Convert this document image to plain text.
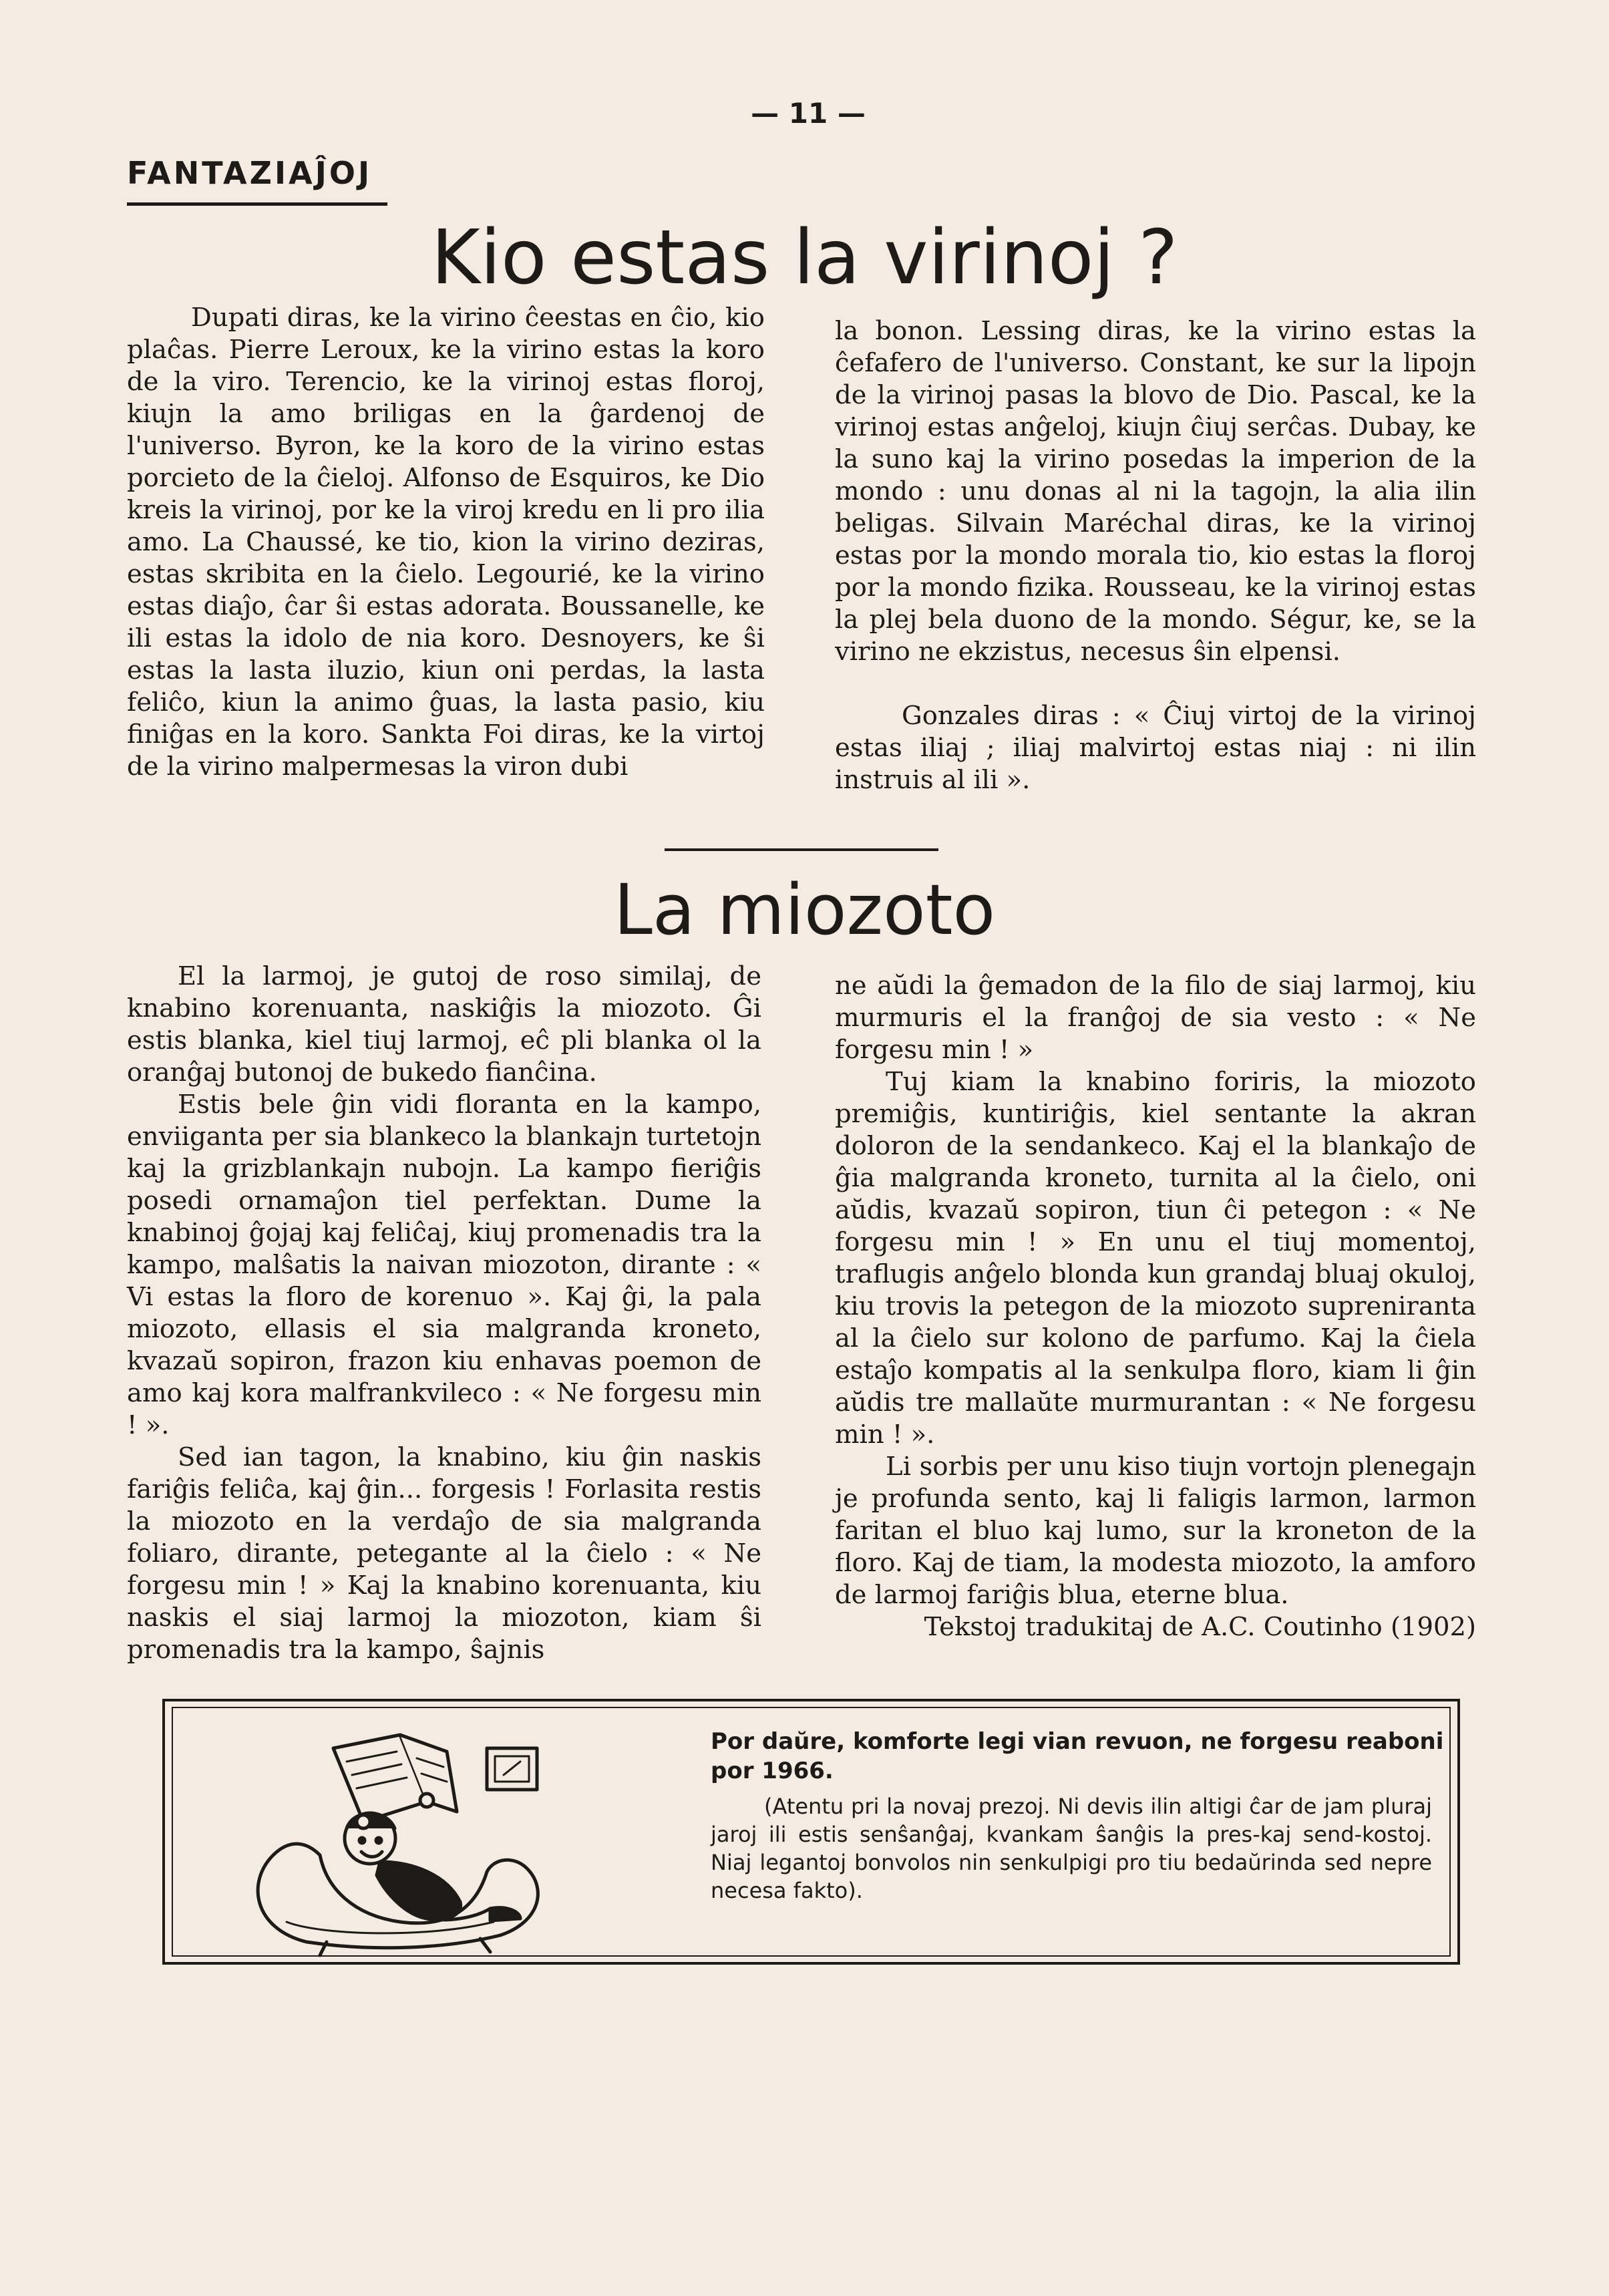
— 11 —
FANTAZIAĴOJ
Kio estas la virinoj ?

Dupati diras, ke la virino ĉeestas en ĉio, kio plaĉas. Pierre Leroux, ke la virino estas la koro de la viro. Terencio, ke la virinoj estas floroj, kiujn la amo briligas en la ĝardenoj de l'universo. Byron, ke la koro de la virino estas porcieto de la ĉieloj. Alfonso de Esquiros, ke Dio kreis la virinoj, por ke la viroj kredu en li pro ilia amo. La Chaussé, ke tio, kion la virino deziras, estas skribita en la ĉielo. Legourié, ke la virino estas diaĵo, ĉar ŝi estas adorata. Boussanelle, ke ili estas la idolo de nia koro. Desnoyers, ke ŝi estas la lasta iluzio, kiun oni perdas, la lasta feliĉo, kiun la animo ĝuas, la lasta pasio, kiu finiĝas en la koro. Sankta Foi diras, ke la virtoj de la virino malpermesas la viron dubi

la bonon. Lessing diras, ke la virino estas la ĉefafero de l'universo. Constant, ke sur la lipojn de la virinoj pasas la blovo de Dio. Pascal, ke la virinoj estas anĝeloj, kiujn ĉiuj serĉas. Dubay, ke la suno kaj la virino posedas la imperion de la mondo : unu donas al ni la tagojn, la alia ilin beligas. Silvain Maréchal diras, ke la virinoj estas por la mondo morala tio, kio estas la floroj por la mondo fizika. Rousseau, ke la virinoj estas la plej bela duono de la mondo. Ségur, ke, se la virino ne ekzistus, necesus ŝin elpensi.

Gonzales diras : « Ĉiuj virtoj de la virinoj estas iliaj ; iliaj malvirtoj estas niaj : ni ilin instruis al ili ».

La miozoto

El la larmoj, je gutoj de roso similaj, de knabino korenuanta, naskiĝis la miozoto. Ĝi estis blanka, kiel tiuj larmoj, eĉ pli blanka ol la oranĝaj butonoj de bukedo fianĉina.

Estis bele ĝin vidi floranta en la kampo, enviiganta per sia blankeco la blankajn turtetojn kaj la grizblankajn nubojn. La kampo fieriĝis posedi ornamaĵon tiel perfektan. Dume la knabinoj ĝojaj kaj feliĉaj, kiuj promenadis tra la kampo, malŝatis la naivan miozoton, dirante : « Vi estas la floro de korenuo ». Kaj ĝi, la pala miozoto, ellasis el sia malgranda kroneto, kvazaŭ sopiron, frazon kiu enhavas poemon de amo kaj kora malfrankvileco : « Ne forgesu min ! ».

Sed ian tagon, la knabino, kiu ĝin naskis fariĝis feliĉa, kaj ĝin... forgesis ! Forlasita restis la miozoto en la verdaĵo de sia malgranda foliaro, dirante, petegante al la ĉielo : « Ne forgesu min ! » Kaj la knabino korenuanta, kiu naskis el siaj larmoj la miozoton, kiam ŝi promenadis tra la kampo, ŝajnis

ne aŭdi la ĝemadon de la filo de siaj larmoj, kiu murmuris el la franĝoj de sia vesto : « Ne forgesu min ! »

Tuj kiam la knabino foriris, la miozoto premiĝis, kuntiriĝis, kiel sentante la akran doloron de la sendankeco. Kaj el la blankaĵo de ĝia malgranda kroneto, turnita al la ĉielo, oni aŭdis, kvazaŭ sopiron, tiun ĉi petegon : « Ne forgesu min ! » En unu el tiuj momentoj, traflugis anĝelo blonda kun grandaj bluaj okuloj, kiu trovis la petegon de la miozoto supreniranta al la ĉielo sur kolono de parfumo. Kaj la ĉiela estaĵo kompatis al la senkulpa floro, kiam li ĝin aŭdis tre mallaŭte murmurantan : « Ne forgesu min ! ».

Li sorbis per unu kiso tiujn vortojn plenegajn je profunda sento, kaj li faligis larmon, larmon faritan el bluo kaj lumo, sur la kroneton de la floro. Kaj de tiam, la modesta miozoto, la amforo de larmoj fariĝis blua, eterne blua.

Tekstoj tradukitaj de A.C. Coutinho (1902)

Por daŭre, komforte legi vian revuon, ne forgesu reaboni por 1966.

(Atentu pri la novaj prezoj. Ni devis ilin altigi ĉar de jam pluraj jaroj ili estis senŝanĝaj, kvankam ŝanĝis la pres-kaj send-kostoj. Niaj legantoj bonvolos nin senkulpigi pro tiu bedaŭrinda sed nepre necesa fakto).
